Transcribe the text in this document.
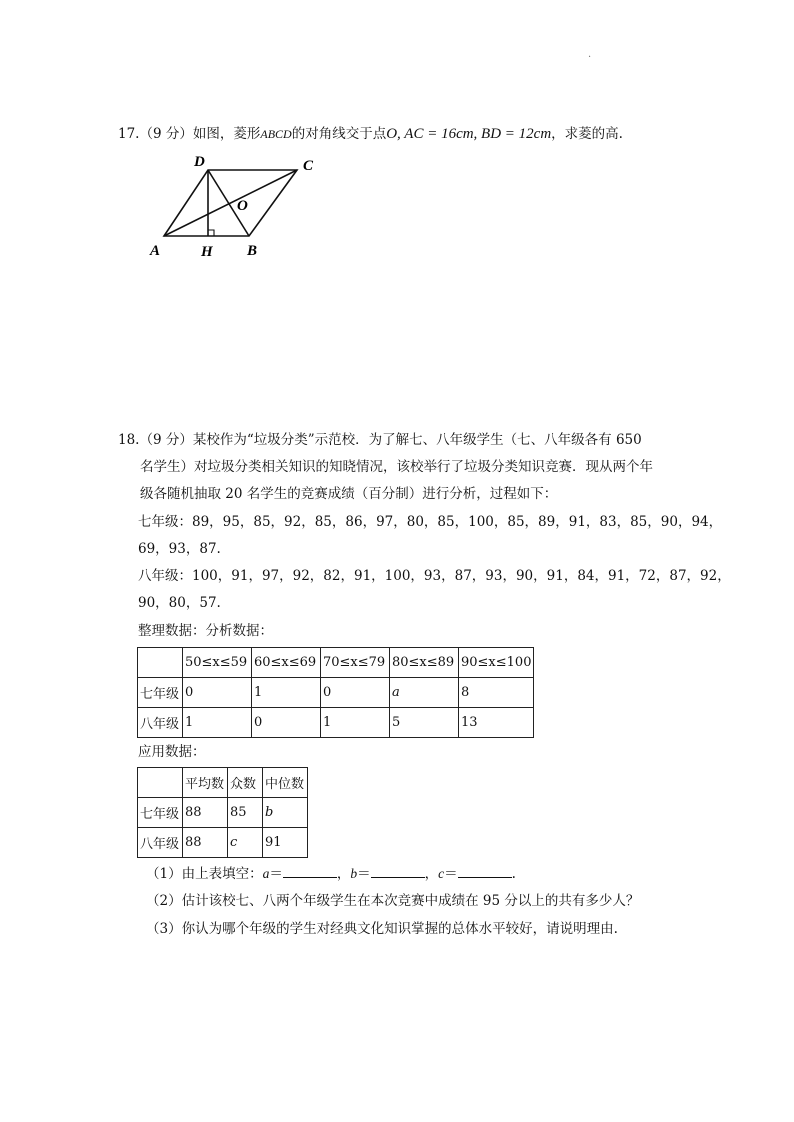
·
17.（9 分）如图，菱形ABCD的对角线交于点O, AC = 16cm, BD = 12cm，求菱的高.
D	C
O
A	H B
18.（9 分）某校作为“垃圾分类”示范校．为了解七、八年级学生（七、八年级各有 650
名学生）对垃圾分类相关知识的知晓情况，该校举行了垃圾分类知识竞赛．现从两个年
级各随机抽取 20 名学生的竞赛成绩（百分制）进行分析，过程如下：
七年级：89，95，85，92，85，86，97，80，85，100，85，89，91，83，85，90，94，
69，93，87.
八年级：100，91，97，92，82，91，100，93，87，93，90，91，84，91，72，87，92，
90，80，57.
整理数据：分析数据：
	50≤x≤59	60≤x≤69	70≤x≤79	80≤x≤89	90≤x≤100
七年级	0	1	0	a	8
八年级	1	0	1	5	13
应用数据：
	平均数	众数	中位数
七年级	88	85	b
八年级	88	c	91
（1）由上表填空：a＝	，b＝	，c＝	.
（2）估计该校七、八两个年级学生在本次竞赛中成绩在 95 分以上的共有多少人？
（3）你认为哪个年级的学生对经典文化知识掌握的总体水平较好，请说明理由.
